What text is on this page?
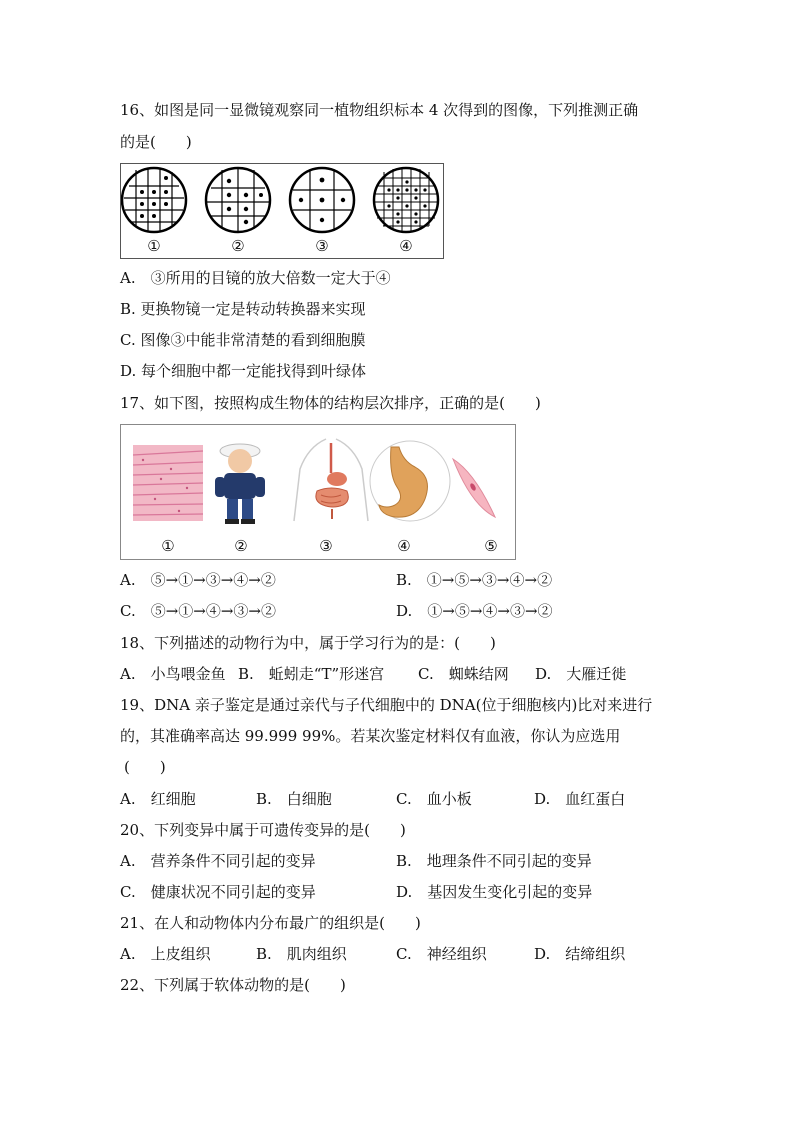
16、如图是同一显微镜观察同一植物组织标本 4 次得到的图像，下列推测正确
的是(　　)
①	②	③	④
A.　③所用的目镜的放大倍数一定大于④
B. 更换物镜一定是转动转换器来实现
C. 图像③中能非常清楚的看到细胞膜
D. 每个细胞中都一定能找得到叶绿体
17、如下图，按照构成生物体的结构层次排序，正确的是(　　)
①	②	③	④	⑤
A.　⑤→①→③→④→②	B.　①→⑤→③→④→②
C.　⑤→①→④→③→②	D.　①→⑤→④→③→②
18、下列描述的动物行为中，属于学习行为的是：(　　)
A.　小鸟喂金鱼 B.　蚯蚓走“T”形迷宫 C.　蜘蛛结网 D.　大雁迁徙
19、DNA 亲子鉴定是通过亲代与子代细胞中的 DNA(位于细胞核内)比对来进行
的，其准确率高达 99.999 99%。若某次鉴定材料仅有血液，你认为应选用
(　　)
A.　红细胞	B.　白细胞	C.　血小板	D.　血红蛋白
20、下列变异中属于可遗传变异的是(　　)
A.　营养条件不同引起的变异	B.　地理条件不同引起的变异
C.　健康状况不同引起的变异	D.　基因发生变化引起的变异
21、在人和动物体内分布最广的组织是(　　)
A.　上皮组织	B.　肌肉组织	C.　神经组织	D.　结缔组织
22、下列属于软体动物的是(　　)
